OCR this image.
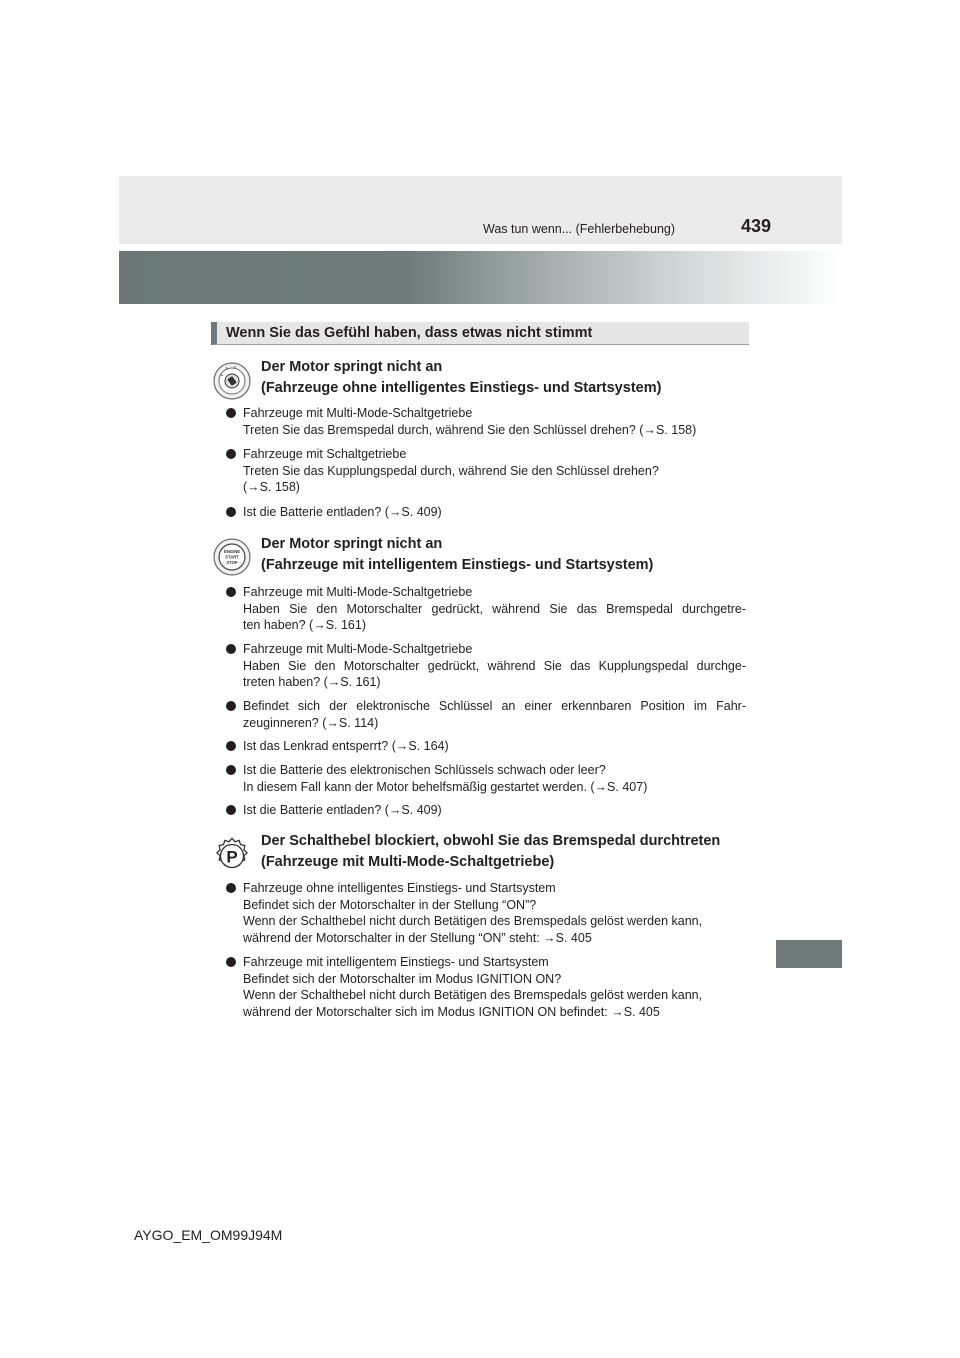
Was tun wenn... (Fehlerbehebung)	439
Wenn Sie das Gefühl haben, dass etwas nicht stimmt
Der Motor springt nicht an
(Fahrzeuge ohne intelligentes Einstiegs- und Startsystem)
Fahrzeuge mit Multi-Mode-Schaltgetriebe
Treten Sie das Bremspedal durch, während Sie den Schlüssel drehen? (→S. 158)
Fahrzeuge mit Schaltgetriebe
Treten Sie das Kupplungspedal durch, während Sie den Schlüssel drehen?
(→S. 158)
Ist die Batterie entladen? (→S. 409)
ENGINE
START
STOP
Der Motor springt nicht an
(Fahrzeuge mit intelligentem Einstiegs- und Startsystem)
Fahrzeuge mit Multi-Mode-Schaltgetriebe
Haben Sie den Motorschalter gedrückt, während Sie das Bremspedal durchgetre-
ten haben? (→S. 161)
Fahrzeuge mit Multi-Mode-Schaltgetriebe
Haben Sie den Motorschalter gedrückt, während Sie das Kupplungspedal durchge-
treten haben? (→S. 161)
Befindet sich der elektronische Schlüssel an einer erkennbaren Position im Fahr-
zeuginneren? (→S. 114)
Ist das Lenkrad entsperrt? (→S. 164)
Ist die Batterie des elektronischen Schlüssels schwach oder leer?
In diesem Fall kann der Motor behelfsmäßig gestartet werden. (→S. 407)
Ist die Batterie entladen? (→S. 409)
P
Der Schalthebel blockiert, obwohl Sie das Bremspedal durchtreten
(Fahrzeuge mit Multi-Mode-Schaltgetriebe)
Fahrzeuge ohne intelligentes Einstiegs- und Startsystem
Befindet sich der Motorschalter in der Stellung “ON”?
Wenn der Schalthebel nicht durch Betätigen des Bremspedals gelöst werden kann,
während der Motorschalter in der Stellung “ON” steht: →S. 405
Fahrzeuge mit intelligentem Einstiegs- und Startsystem
Befindet sich der Motorschalter im Modus IGNITION ON?
Wenn der Schalthebel nicht durch Betätigen des Bremspedals gelöst werden kann,
während der Motorschalter sich im Modus IGNITION ON befindet: →S. 405
AYGO_EM_OM99J94M
